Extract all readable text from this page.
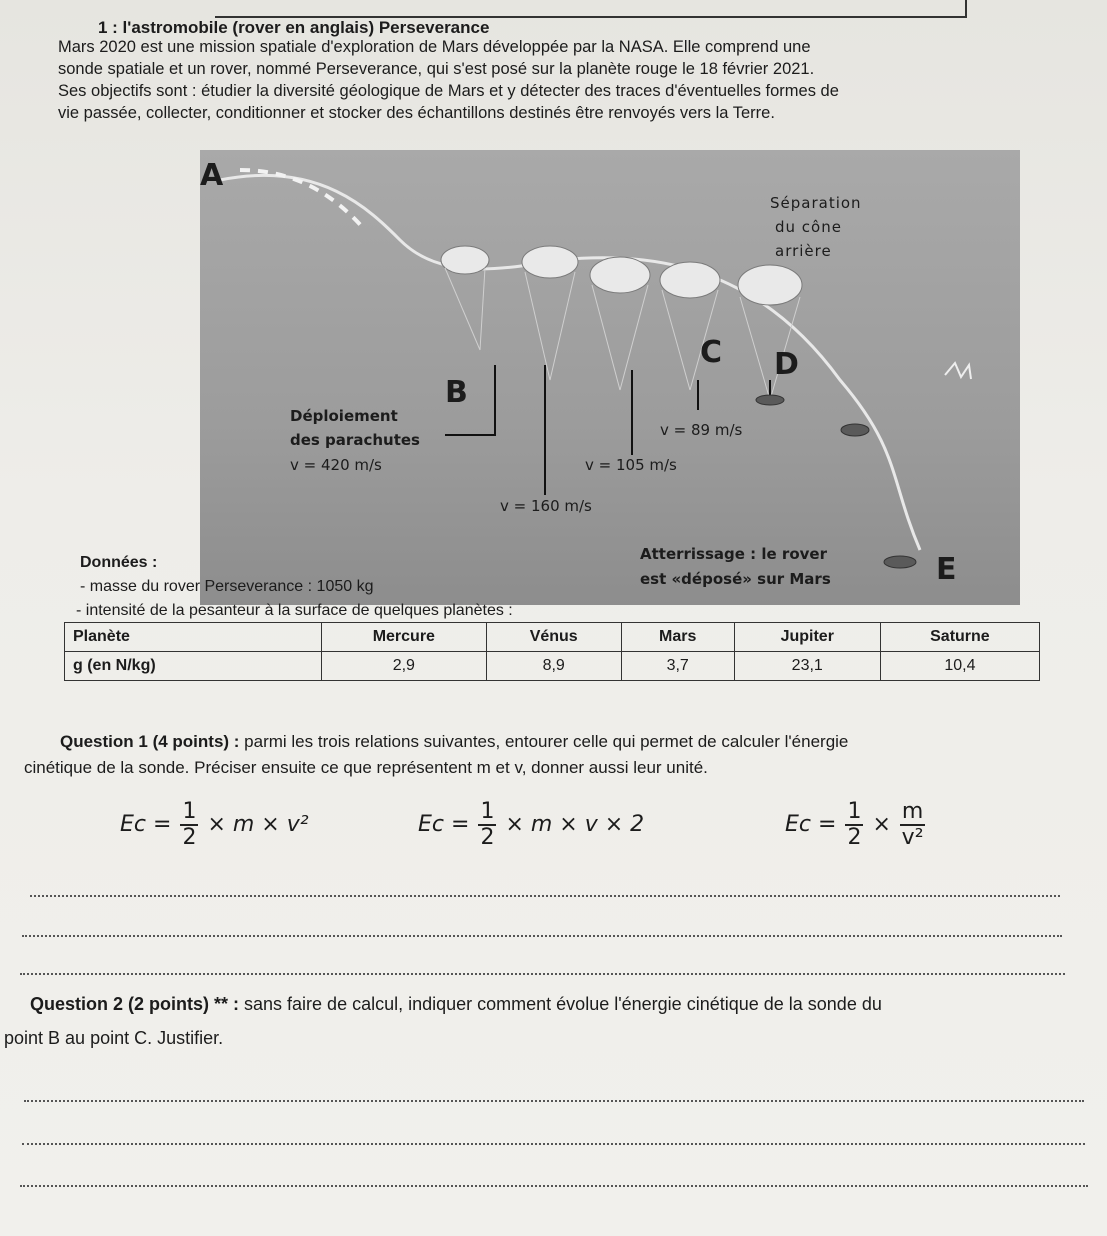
1 : l'astromobile (rover en anglais) Perseverance

Mars 2020 est une mission spatiale d'exploration de Mars développée par la NASA. Elle comprend une

sonde spatiale et un rover, nommé Perseverance, qui s'est posé sur la planète rouge le 18 février 2021.

Ses objectifs sont : étudier la diversité géologique de Mars et y détecter des traces d'éventuelles formes de

vie passée, collecter, conditionner et stocker des échantillons destinés être renvoyés vers la Terre.

A
Séparation
du cône
arrière
B
C D
Déploiement
des parachutes
v = 420 m/s
v = 89 m/s
v = 105 m/s
v = 160 m/s
Atterrissage : le rover
est «déposé» sur Mars	E
Données :
- masse du rover Perseverance : 1050 kg
- intensité de la pesanteur à la surface de quelques planètes :
Planète	Mercure	Vénus	Mars	Jupiter	Saturne
g (en N/kg)	2,9	8,9	3,7	23,1	10,4
Question 1 (4 points) : parmi les trois relations suivantes, entourer celle qui permet de calculer l'énergie
cinétique de la sonde. Préciser ensuite ce que représentent m et v, donner aussi leur unité.
$Ec = \frac{1}{2} \times m \times v^2$	$Ec = \frac{1}{2} \times m \times v \times 2$	$Ec = \frac{1}{2} \times \frac{m}{\text{v²}}$
Question 2 (2 points) ** : sans faire de calcul, indiquer comment évolue l'énergie cinétique de la sonde du
point B au point C. Justifier.
